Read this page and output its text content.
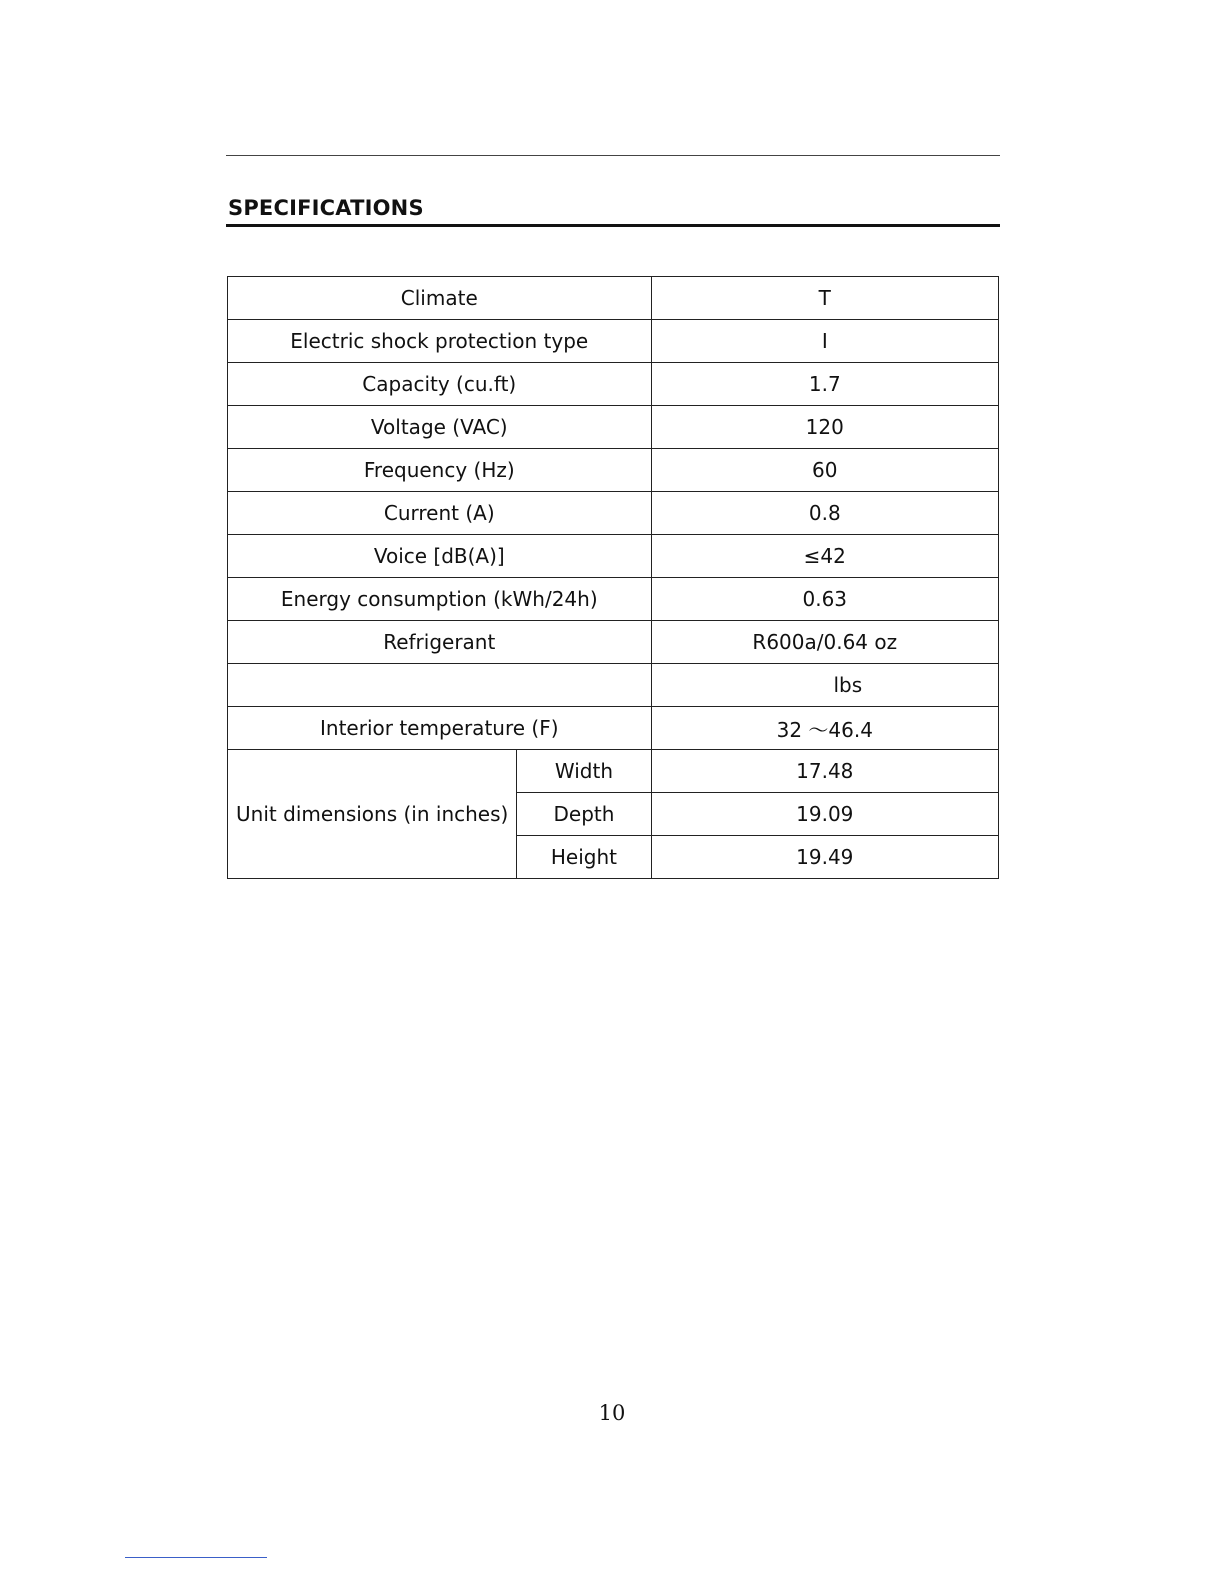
SPECIFICATIONS
Climate		T
Electric shock protection type		I
Capacity (cu.ft)		1.7
Voltage (VAC)		120
Frequency (Hz)		60
Current (A)		0.8
Voice [dB(A)]		≤42
Energy consumption (kWh/24h)		0.63
Refrigerant		R600a/0.64 oz
		lbs
Interior temperature (F)		32 ～46.4
Unit dimensions (in inches)	Width	17.48
	Depth	19.09
	Height	19.49
10
